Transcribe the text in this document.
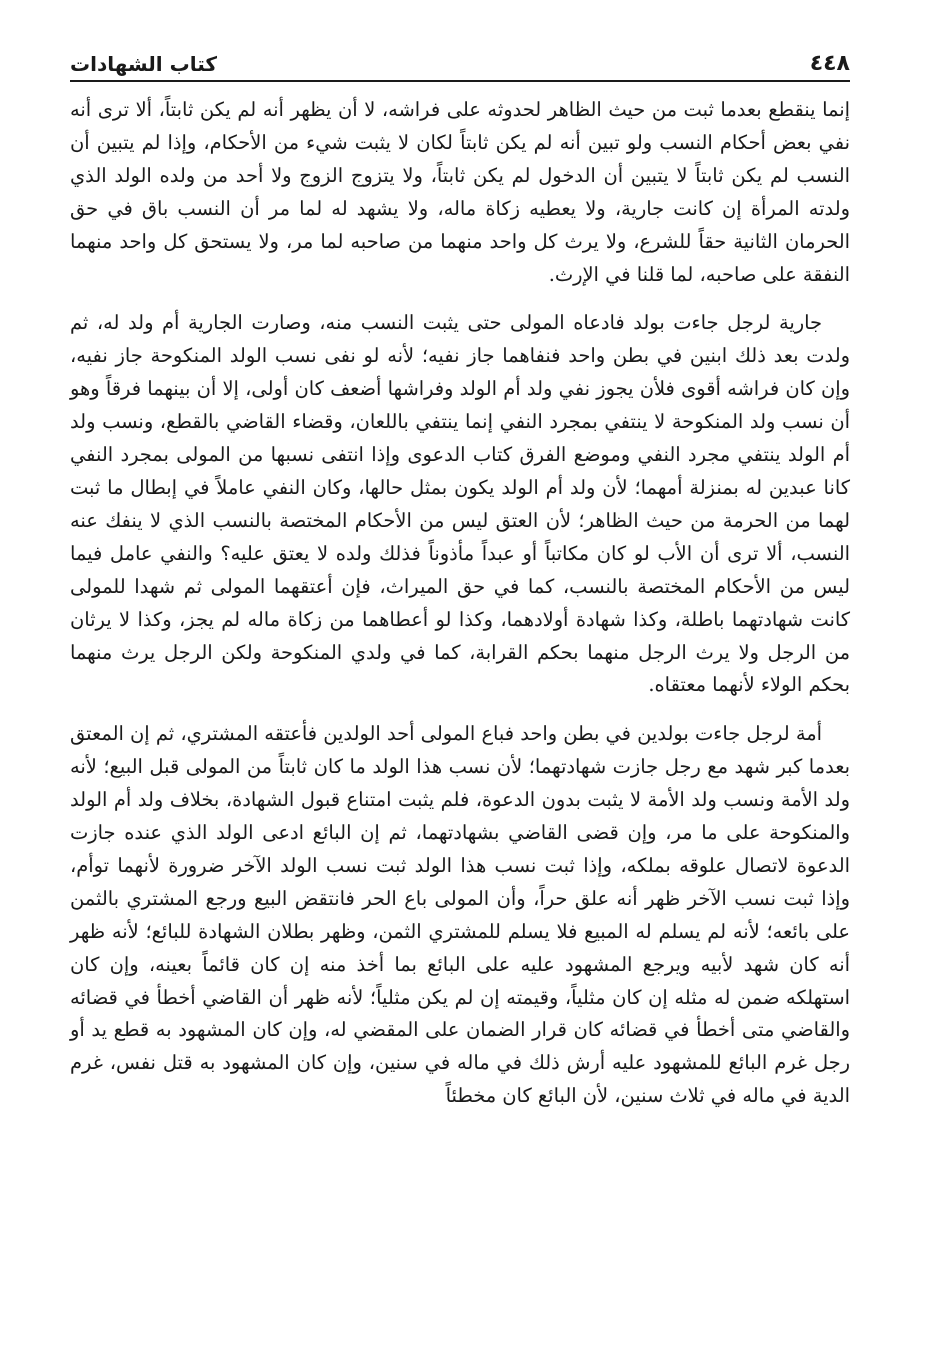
٤٤٨
كتاب الشهادات

إنما ينقطع بعدما ثبت من حيث الظاهر لحدوثه على فراشه، لا أن يظهر أنه لم يكن ثابتاً، ألا ترى أنه نفي بعض أحكام النسب ولو تبين أنه لم يكن ثابتاً لكان لا يثبت شيء من الأحكام، وإذا لم يتبين أن النسب لم يكن ثابتاً لا يتبين أن الدخول لم يكن ثابتاً، ولا يتزوج الزوج ولا أحد من ولده الولد الذي ولدته المرأة إن كانت جارية، ولا يعطيه زكاة ماله، ولا يشهد له لما مر أن النسب باق في حق الحرمان الثانية حقاً للشرع، ولا يرث كل واحد منهما من صاحبه لما مر، ولا يستحق كل واحد منهما النفقة على صاحبه، لما قلنا في الإرث.

جارية لرجل جاءت بولد فادعاه المولى حتى يثبت النسب منه، وصارت الجارية أم ولد له، ثم ولدت بعد ذلك ابنين في بطن واحد فنفاهما جاز نفيه؛ لأنه لو نفى نسب الولد المنكوحة جاز نفيه، وإن كان فراشه أقوى فلأن يجوز نفي ولد أم الولد وفراشها أضعف كان أولى، إلا أن بينهما فرقاً وهو أن نسب ولد المنكوحة لا ينتفي بمجرد النفي إنما ينتفي باللعان، وقضاء القاضي بالقطع، ونسب ولد أم الولد ينتفي مجرد النفي وموضع الفرق كتاب الدعوى وإذا انتفى نسبها من المولى بمجرد النفي كانا عبدين له بمنزلة أمهما؛ لأن ولد أم الولد يكون بمثل حالها، وكان النفي عاملاً في إبطال ما ثبت لهما من الحرمة من حيث الظاهر؛ لأن العتق ليس من الأحكام المختصة بالنسب الذي لا ينفك عنه النسب، ألا ترى أن الأب لو كان مكاتباً أو عبداً مأذوناً فذلك ولده لا يعتق عليه؟ والنفي عامل فيما ليس من الأحكام المختصة بالنسب، كما في حق الميراث، فإن أعتقهما المولى ثم شهدا للمولى كانت شهادتهما باطلة، وكذا شهادة أولادهما، وكذا لو أعطاهما من زكاة ماله لم يجز، وكذا لا يرثان من الرجل ولا يرث الرجل منهما بحكم القرابة، كما في ولدي المنكوحة ولكن الرجل يرث منهما بحكم الولاء لأنهما معتقاه.

أمة لرجل جاءت بولدين في بطن واحد فباع المولى أحد الولدين فأعتقه المشتري، ثم إن المعتق بعدما كبر شهد مع رجل جازت شهادتهما؛ لأن نسب هذا الولد ما كان ثابتاً من المولى قبل البيع؛ لأنه ولد الأمة ونسب ولد الأمة لا يثبت بدون الدعوة، فلم يثبت امتناع قبول الشهادة، بخلاف ولد أم الولد والمنكوحة على ما مر، وإن قضى القاضي بشهادتهما، ثم إن البائع ادعى الولد الذي عنده جازت الدعوة لاتصال علوقه بملكه، وإذا ثبت نسب هذا الولد ثبت نسب الولد الآخر ضرورة لأنهما توأم، وإذا ثبت نسب الآخر ظهر أنه علق حراً، وأن المولى باع الحر فانتقض البيع ورجع المشتري بالثمن على بائعه؛ لأنه لم يسلم له المبيع فلا يسلم للمشتري الثمن، وظهر بطلان الشهادة للبائع؛ لأنه ظهر أنه كان شهد لأبيه ويرجع المشهود عليه على البائع بما أخذ منه إن كان قائماً بعينه، وإن كان استهلكه ضمن له مثله إن كان مثلياً، وقيمته إن لم يكن مثلياً؛ لأنه ظهر أن القاضي أخطأ في قضائه والقاضي متى أخطأ في قضائه كان قرار الضمان على المقضي له، وإن كان المشهود به قطع يد أو رجل غرم البائع للمشهود عليه أرش ذلك في ماله في سنين، وإن كان المشهود به قتل نفس، غرم الدية في ماله في ثلاث سنين، لأن البائع كان مخطئاً
